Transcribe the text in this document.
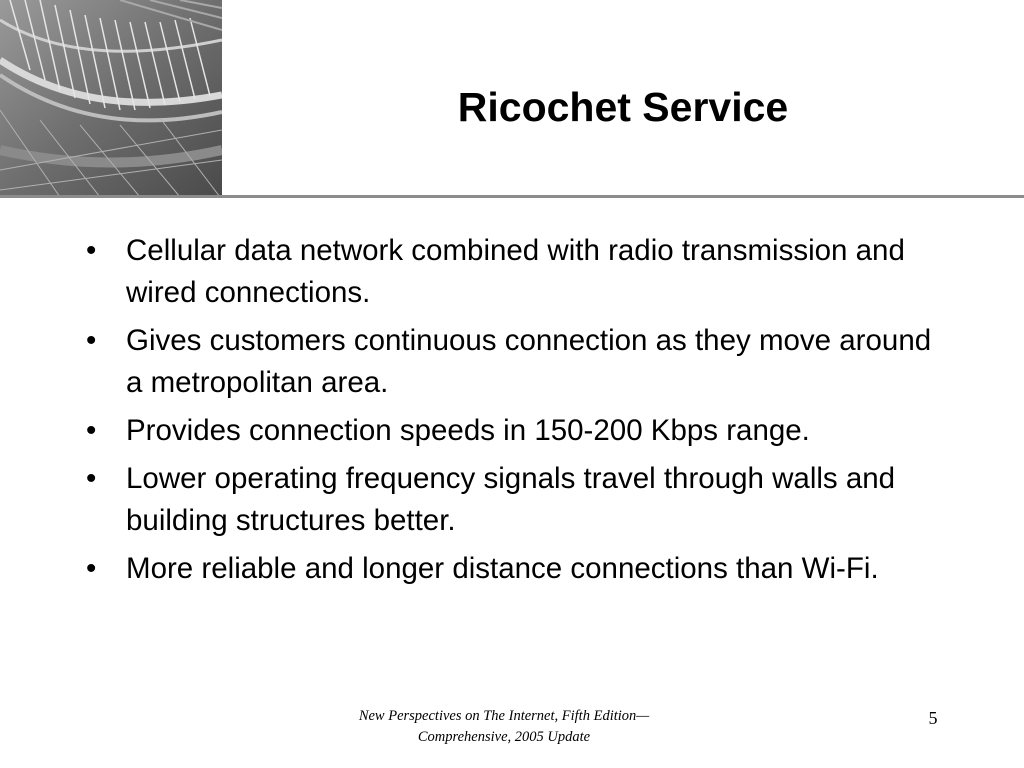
Ricochet Service
•	Cellular data network combined with radio transmission and wired connections.
•	Gives customers continuous connection as they move around a metropolitan area.
•	Provides connection speeds in 150-200 Kbps range.
•	Lower operating frequency signals travel through walls and building structures better.
•	More reliable and longer distance connections than Wi-Fi.
New Perspectives on The Internet, Fifth Edition—
Comprehensive, 2005 Update
5
